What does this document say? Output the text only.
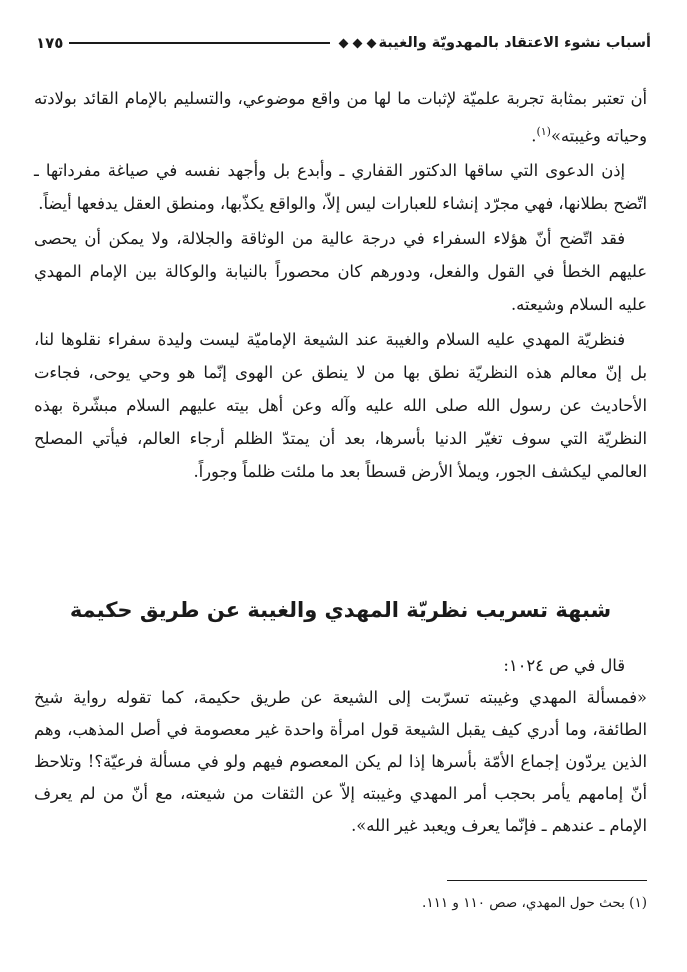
أسباب نشوء الاعتقاد بالمهدويّة والغيبة
١٧٥

أن تعتبر بمثابة تجربة علميّة لإثبات ما لها من واقع موضوعي، والتسليم بالإمام القائد بولادته وحياته وغيبته»$^{(١)}$.

إذن الدعوى التي ساقها الدكتور القفاري ـ وأبدع بل وأجهد نفسه في صياغة مفرداتها ـ اتّضح بطلانها، فهي مجرّد إنشاء للعبارات ليس إلاّ، والواقع يكذّبها، ومنطق العقل يدفعها أيضاً.

فقد اتّضح أنّ هؤلاء السفراء في درجة عالية من الوثاقة والجلالة، ولا يمكن أن يحصى عليهم الخطأ في القول والفعل، ودورهم كان محصوراً بالنيابة والوكالة بين الإمام المهدي عليه السلام وشيعته.

فنظريّة المهدي عليه السلام والغيبة عند الشيعة الإماميّة ليست وليدة سفراء نقلوها لنا، بل إنّ معالم هذه النظريّة نطق بها من لا ينطق عن الهوى إنّما هو وحي يوحى، فجاءت الأحاديث عن رسول الله صلى الله عليه وآله وعن أهل بيته عليهم السلام مبشّرة بهذه النظريّة التي سوف تغيّر الدنيا بأسرها، بعد أن يمتدّ الظلم أرجاء العالم، فيأتي المصلح العالمي ليكشف الجور، ويملأ الأرض قسطاً بعد ما ملئت ظلماً وجوراً.

شبهة تسريب نظريّة المهدي والغيبة عن طريق حكيمة

قال في ص ١٠٢٤:

«فمسألة المهدي وغيبته تسرّبت إلى الشيعة عن طريق حكيمة، كما تقوله رواية شيخ الطائفة، وما أدري كيف يقبل الشيعة قول امرأة واحدة غير معصومة في أصل المذهب، وهم الذين يردّون إجماع الأمّة بأسرها إذا لم يكن المعصوم فيهم ولو في مسألة فرعيّة؟! وتلاحظ أنّ إمامهم يأمر بحجب أمر المهدي وغيبته إلاّ عن الثقات من شيعته، مع أنّ من لم يعرف الإمام ـ عندهم ـ فإنّما يعرف ويعبد غير الله».

(١) بحث حول المهدي، صص ١١٠ و ١١١.
